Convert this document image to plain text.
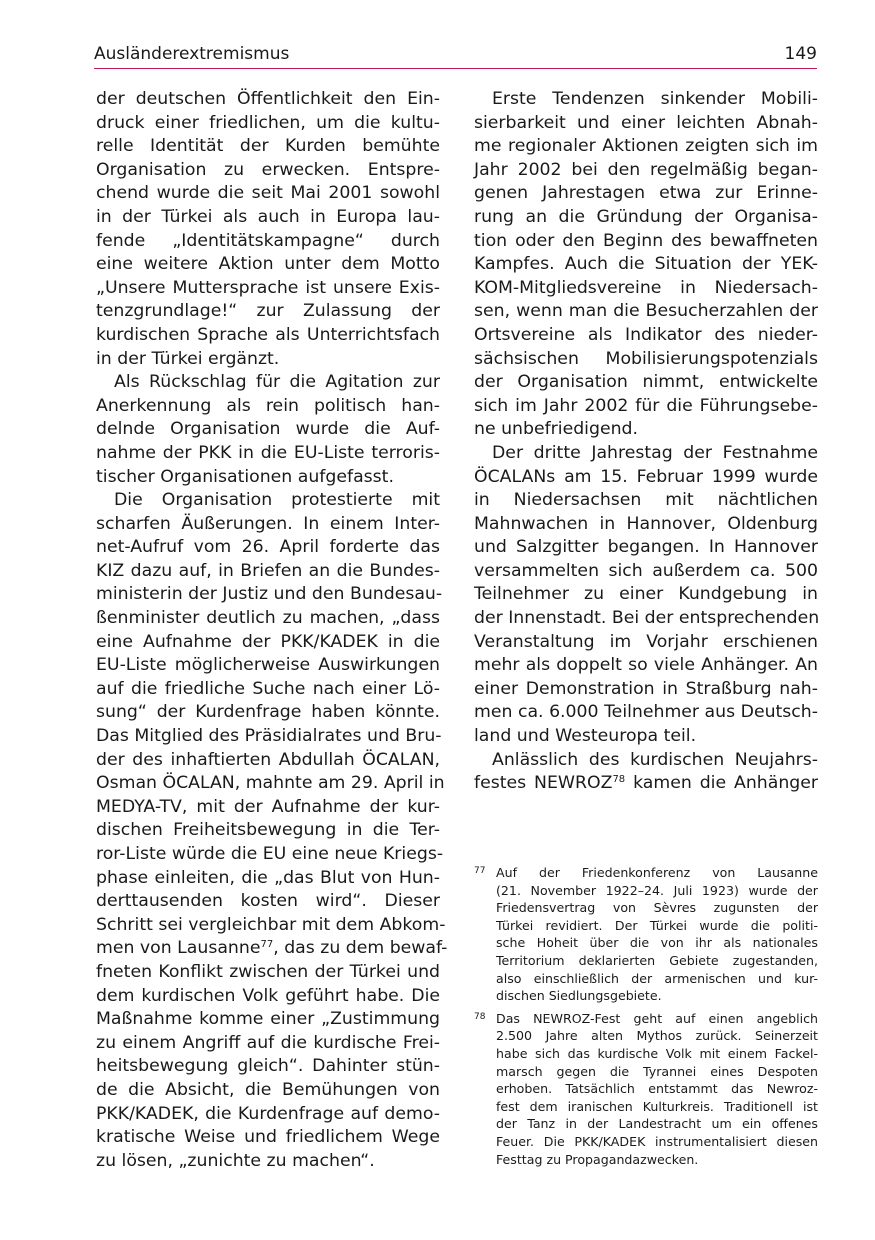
Ausländerextremismus	149
der deutschen Öffentlichkeit den Ein-
druck einer friedlichen, um die kultu-
relle Identität der Kurden bemühte
Organisation zu erwecken. Entspre-
chend wurde die seit Mai 2001 sowohl
in der Türkei als auch in Europa lau-
fende „Identitätskampagne“ durch
eine weitere Aktion unter dem Motto
„Unsere Muttersprache ist unsere Exis-
tenzgrundlage!“ zur Zulassung der
kurdischen Sprache als Unterrichtsfach
in der Türkei ergänzt.
Als Rückschlag für die Agitation zur
Anerkennung als rein politisch han-
delnde Organisation wurde die Auf-
nahme der PKK in die EU-Liste terroris-
tischer Organisationen aufgefasst.
Die Organisation protestierte mit
scharfen Äußerungen. In einem Inter-
net-Aufruf vom 26. April forderte das
KIZ dazu auf, in Briefen an die Bundes-
ministerin der Justiz und den Bundesau-
ßenminister deutlich zu machen, „dass
eine Aufnahme der PKK/KADEK in die
EU-Liste möglicherweise Auswirkungen
auf die friedliche Suche nach einer Lö-
sung“ der Kurdenfrage haben könnte.
Das Mitglied des Präsidialrates und Bru-
der des inhaftierten Abdullah ÖCALAN,
Osman ÖCALAN, mahnte am 29. April in
MEDYA-TV, mit der Aufnahme der kur-
dischen Freiheitsbewegung in die Ter-
ror-Liste würde die EU eine neue Kriegs-
phase einleiten, die „das Blut von Hun-
derttausenden kosten wird“. Dieser
Schritt sei vergleichbar mit dem Abkom-
men von Lausanne$^{77}$, das zu dem bewaf-
fneten Konflikt zwischen der Türkei und
dem kurdischen Volk geführt habe. Die
Maßnahme komme einer „Zustimmung
zu einem Angriff auf die kurdische Frei-
heitsbewegung gleich“. Dahinter stün-
de die Absicht, die Bemühungen von
PKK/KADEK, die Kurdenfrage auf demo-
kratische Weise und friedlichem Wege
zu lösen, „zunichte zu machen“.
Erste Tendenzen sinkender Mobili-
sierbarkeit und einer leichten Abnah-
me regionaler Aktionen zeigten sich im
Jahr 2002 bei den regelmäßig began-
genen Jahrestagen etwa zur Erinne-
rung an die Gründung der Organisa-
tion oder den Beginn des bewaffneten
Kampfes. Auch die Situation der YEK-
KOM-Mitgliedsvereine in Niedersach-
sen, wenn man die Besucherzahlen der
Ortsvereine als Indikator des nieder-
sächsischen Mobilisierungspotenzials
der Organisation nimmt, entwickelte
sich im Jahr 2002 für die Führungsebe-
ne unbefriedigend.
Der dritte Jahrestag der Festnahme
ÖCALANs am 15. Februar 1999 wurde
in Niedersachsen mit nächtlichen
Mahnwachen in Hannover, Oldenburg
und Salzgitter begangen. In Hannover
versammelten sich außerdem ca. 500
Teilnehmer zu einer Kundgebung in
der Innenstadt. Bei der entsprechenden
Veranstaltung im Vorjahr erschienen
mehr als doppelt so viele Anhänger. An
einer Demonstration in Straßburg nah-
men ca. 6.000 Teilnehmer aus Deutsch-
land und Westeuropa teil.
Anlässlich des kurdischen Neujahrs-
festes NEWROZ$^{78}$ kamen die Anhänger
77 Auf der Friedenkonferenz von Lausanne
(21. November 1922–24. Juli 1923) wurde der
Friedensvertrag von Sèvres zugunsten der
Türkei revidiert. Der Türkei wurde die politi-
sche Hoheit über die von ihr als nationales
Territorium deklarierten Gebiete zugestanden,
also einschließlich der armenischen und kur-
dischen Siedlungsgebiete.
78 Das NEWROZ-Fest geht auf einen angeblich
2.500 Jahre alten Mythos zurück. Seinerzeit
habe sich das kurdische Volk mit einem Fackel-
marsch gegen die Tyrannei eines Despoten
erhoben. Tatsächlich entstammt das Newroz-
fest dem iranischen Kulturkreis. Traditionell ist
der Tanz in der Landestracht um ein offenes
Feuer. Die PKK/KADEK instrumentalisiert diesen
Festtag zu Propagandazwecken.
